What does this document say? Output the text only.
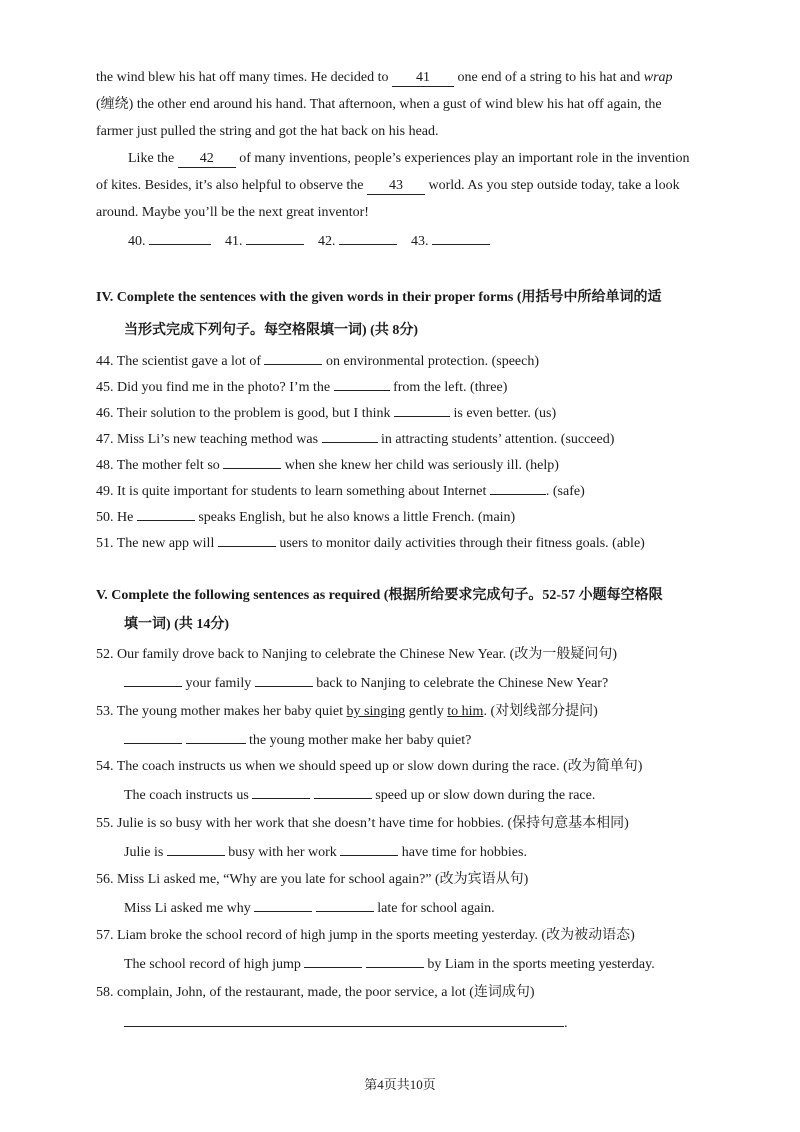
the wind blew his hat off many times. He decided to 41 one end of a string to his hat and wrap
(缠绕) the other end around his hand. That afternoon, when a gust of wind blew his hat off again, the
farmer just pulled the string and got the hat back on his head.
Like the 42 of many inventions, people’s experiences play an important role in the invention
of kites. Besides, it’s also helpful to observe the 43 world. As you step outside today, take a look
around. Maybe you’ll be the next great inventor!
40.	41.	42.	43.
IV. Complete the sentences with the given words in their proper forms (用括号中所给单词的适
当形式完成下列句子。每空格限填一词) (共 8分)
44. The scientist gave a lot of	on environmental protection. (speech)
45. Did you find me in the photo? I’m the	from the left. (three)
46. Their solution to the problem is good, but I think	is even better. (us)
47. Miss Li’s new teaching method was	in attracting students’ attention. (succeed)
48. The mother felt so	when she knew her child was seriously ill. (help)
49. It is quite important for students to learn something about Internet	. (safe)
50. He	speaks English, but he also knows a little French. (main)
51. The new app will	users to monitor daily activities through their fitness goals. (able)
V. Complete the following sentences as required (根据所给要求完成句子。52-57 小题每空格限
填一词) (共 14分)
52. Our family drove back to Nanjing to celebrate the Chinese New Year. (改为一般疑问句)
your family	back to Nanjing to celebrate the Chinese New Year?
53. The young mother makes her baby quiet by singing gently to him. (对划线部分提问)
the young mother make her baby quiet?
54. The coach instructs us when we should speed up or slow down during the race. (改为简单句)
The coach instructs us	speed up or slow down during the race.
55. Julie is so busy with her work that she doesn’t have time for hobbies. (保持句意基本相同)
Julie is	busy with her work	have time for hobbies.
56. Miss Li asked me, “Why are you late for school again?” (改为宾语从句)
Miss Li asked me why	late for school again.
57. Liam broke the school record of high jump in the sports meeting yesterday. (改为被动语态)
The school record of high jump	by Liam in the sports meeting yesterday.
58. complain, John, of the restaurant, made, the poor service, a lot (连词成句)
.
第4页共10页
